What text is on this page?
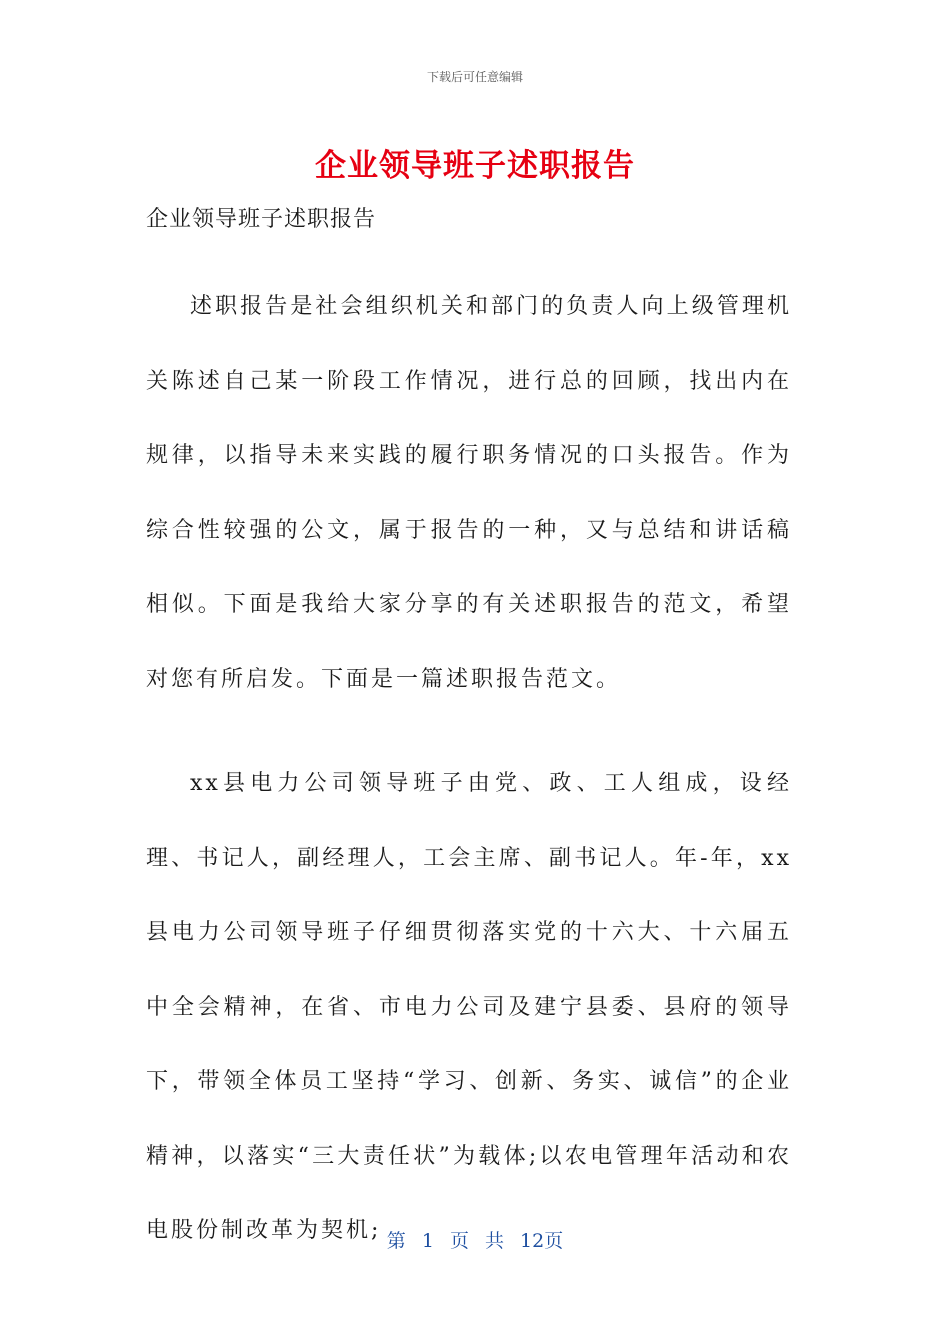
下载后可任意编辑
企业领导班子述职报告

企业领导班子述职报告

述职报告是社会组织机关和部门的负责人向上级管理机关陈述自己某一阶段工作情况，进行总的回顾，找出内在规律，以指导未来实践的履行职务情况的口头报告。作为综合性较强的公文，属于报告的一种，又与总结和讲话稿相似。下面是我给大家分享的有关述职报告的范文，希望对您有所启发。下面是一篇述职报告范文。

xx县电力公司领导班子由党、政、工人组成，设经理、书记人，副经理人，工会主席、副书记人。年-年，xx县电力公司领导班子仔细贯彻落实党的十六大、十六届五中全会精神，在省、市电力公司及建宁县委、县府的领导下，带领全体员工坚持“学习、创新、务实、诚信”的企业精神，以落实“三大责任状”为载体;以农电管理年活动和农电股份制改革为契机; 第 1 页 共 12页
